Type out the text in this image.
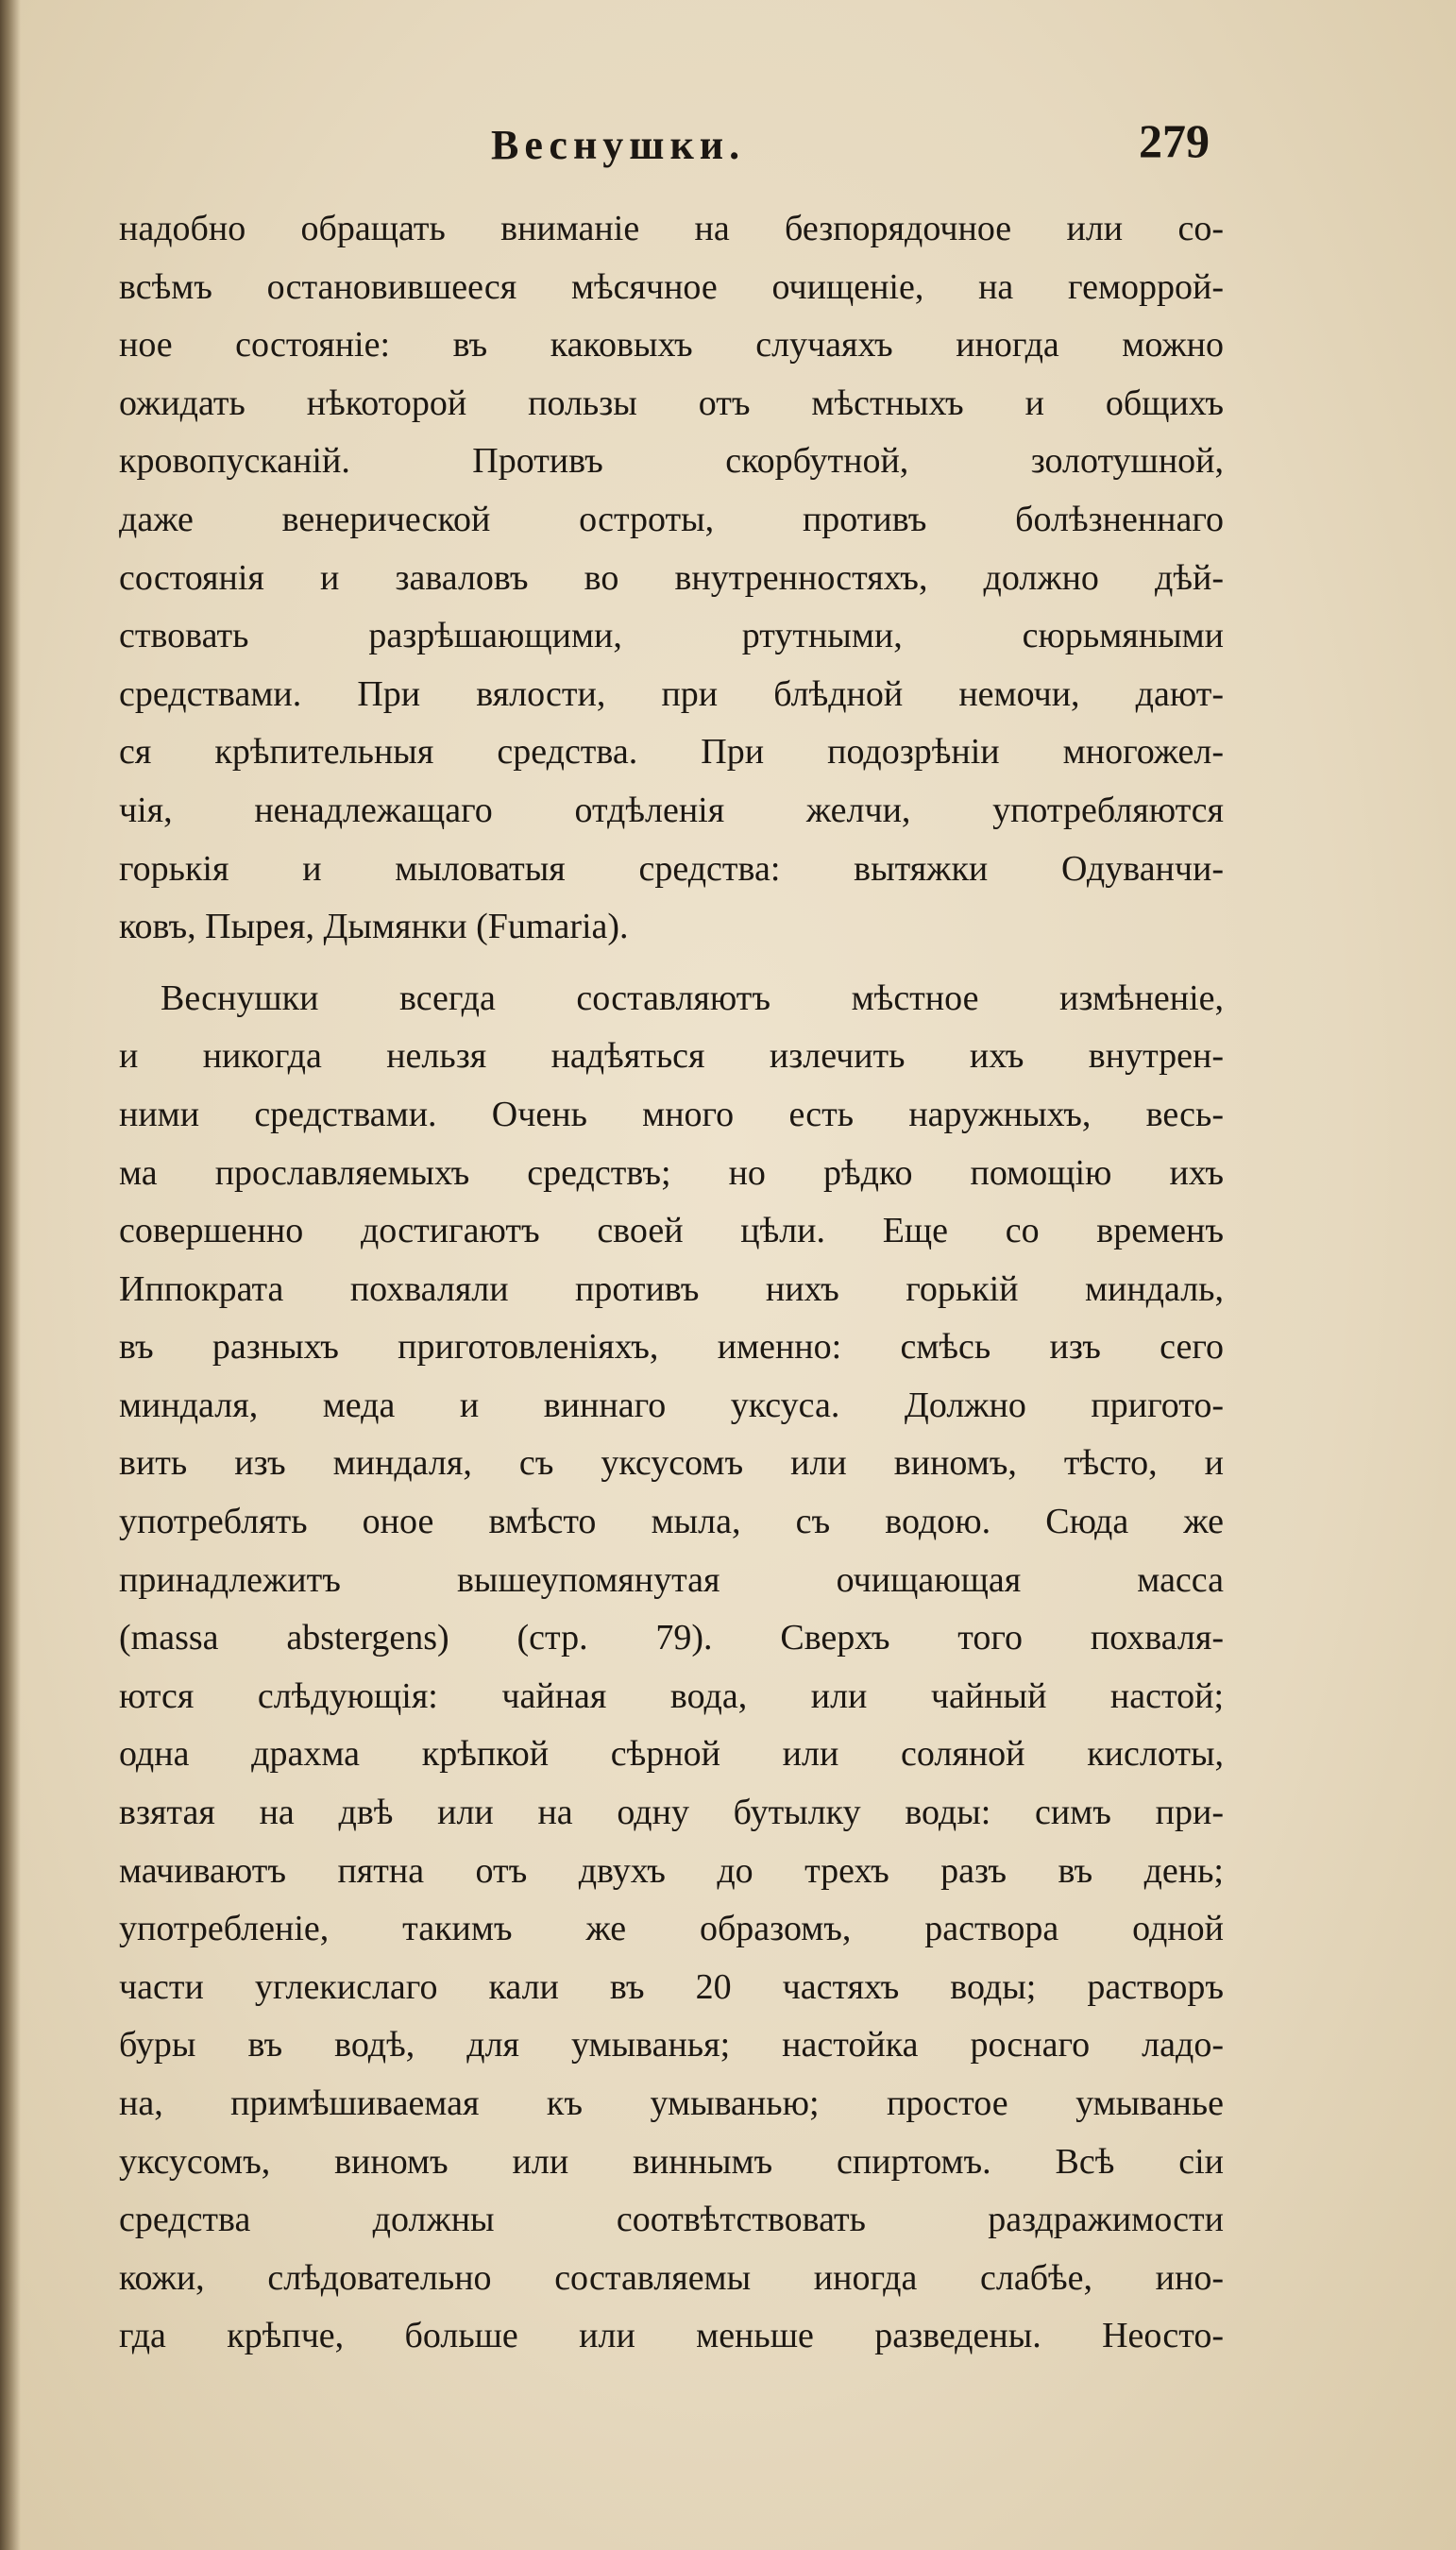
Веснушки.	279
надобно обращать вниманіе на безпорядочное или со-
всѣмъ остановившееся мѣсячное очищеніе, на геморрой-
ное состояніе: въ каковыхъ случаяхъ иногда можно
ожидать нѣкоторой пользы отъ мѣстныхъ и общихъ
кровопусканій. Противъ скорбутной, золотушной,
даже венерической остроты, противъ болѣзненнаго
состоянія и заваловъ во внутренностяхъ, должно дѣй-
ствовать разрѣшающими, ртутными, сюрьмяными
средствами. При вялости, при блѣдной немочи, дают-
ся крѣпительныя средства. При подозрѣніи многожел-
чія, ненадлежащаго отдѣленія желчи, употребляются
горькія и мыловатыя средства: вытяжки Одуванчи-
ковъ, Пырея, Дымянки (Fumaria).
Веснушки всегда составляютъ мѣстное измѣненіе,
и никогда нельзя надѣяться излечить ихъ внутрен-
ними средствами. Очень много есть наружныхъ, весь-
ма прославляемыхъ средствъ; но рѣдко помощію ихъ
совершенно достигаютъ своей цѣли. Еще со временъ
Иппократа похваляли противъ нихъ горькій миндаль,
въ разныхъ приготовленіяхъ, именно: смѣсь изъ сего
миндаля, меда и виннаго уксуса. Должно пригото-
вить изъ миндаля, съ уксусомъ или виномъ, тѣсто, и
употреблять оное вмѣсто мыла, съ водою. Сюда же
принадлежитъ вышеупомянутая очищающая масса
(massa abstergens) (стр. 79). Сверхъ того похваля-
ются слѣдующія: чайная вода, или чайный настой;
одна драхма крѣпкой сѣрной или соляной кислоты,
взятая на двѣ или на одну бутылку воды: симъ при-
мачиваютъ пятна отъ двухъ до трехъ разъ въ день;
употребленіе, такимъ же образомъ, раствора одной
части углекислаго кали въ 20 частяхъ воды; растворъ
буры въ водѣ, для умыванья; настойка роснаго ладо-
на, примѣшиваемая къ умыванью; простое умыванье
уксусомъ, виномъ или виннымъ спиртомъ. Всѣ сіи
средства должны соотвѣтствовать раздражимости
кожи, слѣдовательно составляемы иногда слабѣе, ино-
гда крѣпче, больше или меньше разведены. Неосто-
